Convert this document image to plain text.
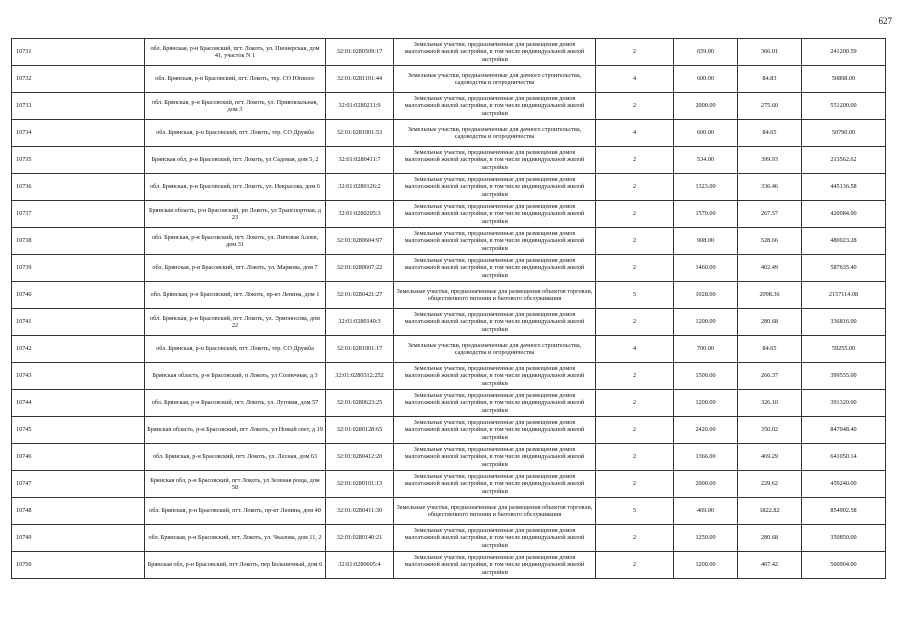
627
10731	обл. Брянская, р-н Брасовский, пгт. Локоть, ул. Пионерская, дом 41, участок N 1	32:01:0280509:17	Земельные участки, предназначенные для размещения домов малоэтажной жилой застройки, в том числе индивидуальной жилой застройки	2	659.00	366.01	241200.59
10732	обл. Брянская, р-н Брасовский, пгт. Локоть, тер. СО Юпилос	32:01:0281101:44	Земельные участки, предназначенные для дачного строительства, садоводства и огородничества	4	600.00	84.83	50898.00
10733	обл. Брянская, р-н Брасовский, пгт. Локоть, ул. Привокзальная, дом 3	32:01:0280211:9	Земельные участки, предназначенные для размещения домов малоэтажной жилой застройки, в том числе индивидуальной жилой застройки	2	2000.00	275.60	551200.00
10734	обл. Брянская, р-н Брасовский, пгт. Локоть, тер. СО Дружба	32:01:0281001:53	Земельные участки, предназначенные для дачного строительства, садоводства и огородничества	4	600.00	84.65	50790.00
10735	Брянская обл, р-н Брасовский, пгт. Локоть, ул Садовая, дом 5, 2	32:01:0280411:7	Земельные участки, предназначенные для размещения домов малоэтажной жилой застройки, в том числе индивидуальной жилой застройки	2	534.00	399.93	213562.62
10736	обл. Брянская, р-н Брасовский, пгт. Локоть, ул. Некрасова, дом 6	32:01:0280126:2	Земельные участки, предназначенные для размещения домов малоэтажной жилой застройки, в том числе индивидуальной жилой застройки	2	1323.00	336.46	445136.58
10737	Брянская область, р-н Брасовский, рп Локоть, ул Транспортная, д 23	32:01:0280205:3	Земельные участки, предназначенные для размещения домов малоэтажной жилой застройки, в том числе индивидуальной жилой застройки	2	1570.00	267.57	420084.90
10738	обл. Брянская, р-н Брасовский, пгт. Локоть, ул. Липовая Аллея, дом 31	32:01:0280604:97	Земельные участки, предназначенные для размещения домов малоэтажной жилой застройки, в том числе индивидуальной жилой застройки	2	908.00	528.66	480023.28
10739	обл. Брянская, р-н Брасовский, пгт. Локоть, ул. Маркова, дом 7	32:01:0280607:22	Земельные участки, предназначенные для размещения домов малоэтажной жилой застройки, в том числе индивидуальной жилой застройки	2	1460.00	402.49	587635.40
10740	обл. Брянская, р-н Брасовский, пгт. Локоть, пр-кт Ленина, дом 1	32:01:0280421:27	Земельные участки, предназначенные для размещения объектов торговли, общественного питания и бытового обслуживания	5	1028.00	2098.36	2157114.08
10741	обл. Брянская, р-н Брасовский, пгт. Локоть, ул. Эрмоносова, дом 22	32:01:0280140:3	Земельные участки, предназначенные для размещения домов малоэтажной жилой застройки, в том числе индивидуальной жилой застройки	2	1200.00	280.68	336816.00
10742	обл. Брянская, р-н Брасовский, пгт. Локоть, тер. СО Дружба	32:01:0281001:17	Земельные участки, предназначенные для дачного строительства, садоводства и огородничества	4	700.00	84.65	59255.00
10743	Брянская область, р-н Брасовский, п Локоть, ул Солнечная, д 3	32:01:0280312:252	Земельные участки, предназначенные для размещения домов малоэтажной жилой застройки, в том числе индивидуальной жилой застройки	2	1500.00	266.37	399555.00
10744	обл. Брянская, р-н Брасовский, пгт. Локоть, ул. Луговая, дом 57	32:01:0280623:25	Земельные участки, предназначенные для размещения домов малоэтажной жилой застройки, в том числе индивидуальной жилой застройки	2	1200.00	326.10	391320.00
10745	Брянская область, р-н Брасовский, пгт Локоть, ул Новый свет, д 19	32:01:0280128:65	Земельные участки, предназначенные для размещения домов малоэтажной жилой застройки, в том числе индивидуальной жилой застройки	2	2420.00	350.02	847048.40
10746	обл. Брянская, р-н Брасовский, пгт. Локоть, ул. Лесная, дом 63	32:01:0280412:20	Земельные участки, предназначенные для размещения домов малоэтажной жилой застройки, в том числе индивидуальной жилой застройки	2	1366.00	469.29	641050.14
10747	Брянская обл, р-н Брасовский, пгт Локоть, ул Зеленая роща, дом 58	32:01:0280101:13	Земельные участки, предназначенные для размещения домов малоэтажной жилой застройки, в том числе индивидуальной жилой застройки	2	2000.00	229.62	459240.00
10748	обл. Брянская, р-н Брасовский, пгт. Локоть, пр-кт Ленина, дом 40	32:01:0280411:30	Земельные участки, предназначенные для размещения объектов торговли, общественного питания и бытового обслуживания	5	469.00	1822.82	854902.58
10749	обл. Брянская, р-н Брасовский, пгт. Локоть, ул. Чкалова, дом 11, 2	32:01:0280140:21	Земельные участки, предназначенные для размещения домов малоэтажной жилой застройки, в том числе индивидуальной жилой застройки	2	1250.00	280.68	350850.00
10750	Брянская обл, р-н Брасовский, пгт Локоть, пер Больничный, дом 6	32:01:0280605:4	Земельные участки, предназначенные для размещения домов малоэтажной жилой застройки, в том числе индивидуальной жилой застройки	2	1200.00	467.42	560904.00
